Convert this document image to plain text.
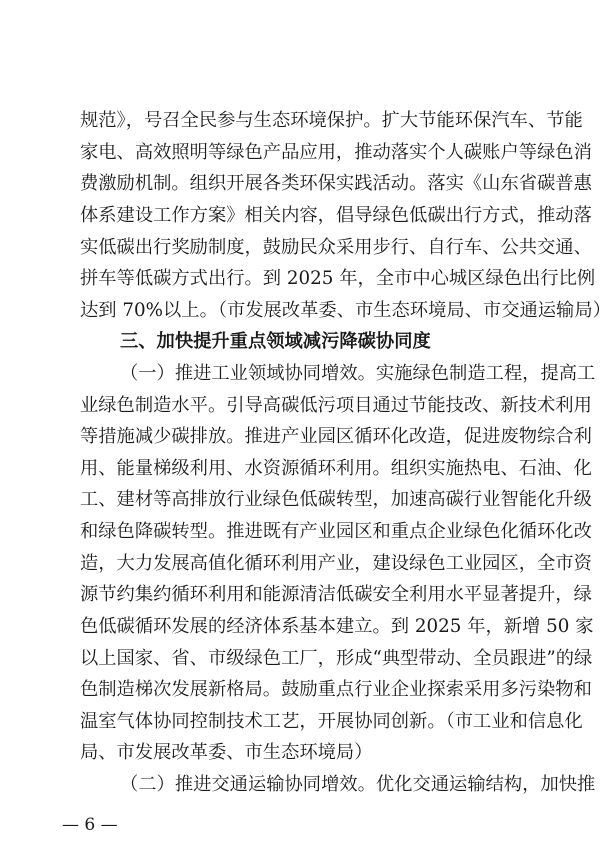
规范》，号召全民参与生态环境保护。扩大节能环保汽车、节能
家电、高效照明等绿色产品应用，推动落实个人碳账户等绿色消
费激励机制。组织开展各类环保实践活动。落实《山东省碳普惠
体系建设工作方案》相关内容，倡导绿色低碳出行方式，推动落
实低碳出行奖励制度，鼓励民众采用步行、自行车、公共交通、
拼车等低碳方式出行。到 2025 年，全市中心城区绿色出行比例
达到 70%以上。（市发展改革委、市生态环境局、市交通运输局）
三、加快提升重点领域减污降碳协同度
（一）推进工业领域协同增效。实施绿色制造工程，提高工
业绿色制造水平。引导高碳低污项目通过节能技改、新技术利用
等措施减少碳排放。推进产业园区循环化改造，促进废物综合利
用、能量梯级利用、水资源循环利用。组织实施热电、石油、化
工、建材等高排放行业绿色低碳转型，加速高碳行业智能化升级
和绿色降碳转型。推进既有产业园区和重点企业绿色化循环化改
造，大力发展高值化循环利用产业，建设绿色工业园区，全市资
源节约集约循环利用和能源清洁低碳安全利用水平显著提升，绿
色低碳循环发展的经济体系基本建立。到 2025 年，新增 50 家
以上国家、省、市级绿色工厂，形成“典型带动、全员跟进”的绿
色制造梯次发展新格局。鼓励重点行业企业探索采用多污染物和
温室气体协同控制技术工艺，开展协同创新。（市工业和信息化
局、市发展改革委、市生态环境局）
（二）推进交通运输协同增效。优化交通运输结构，加快推
— 6 —
